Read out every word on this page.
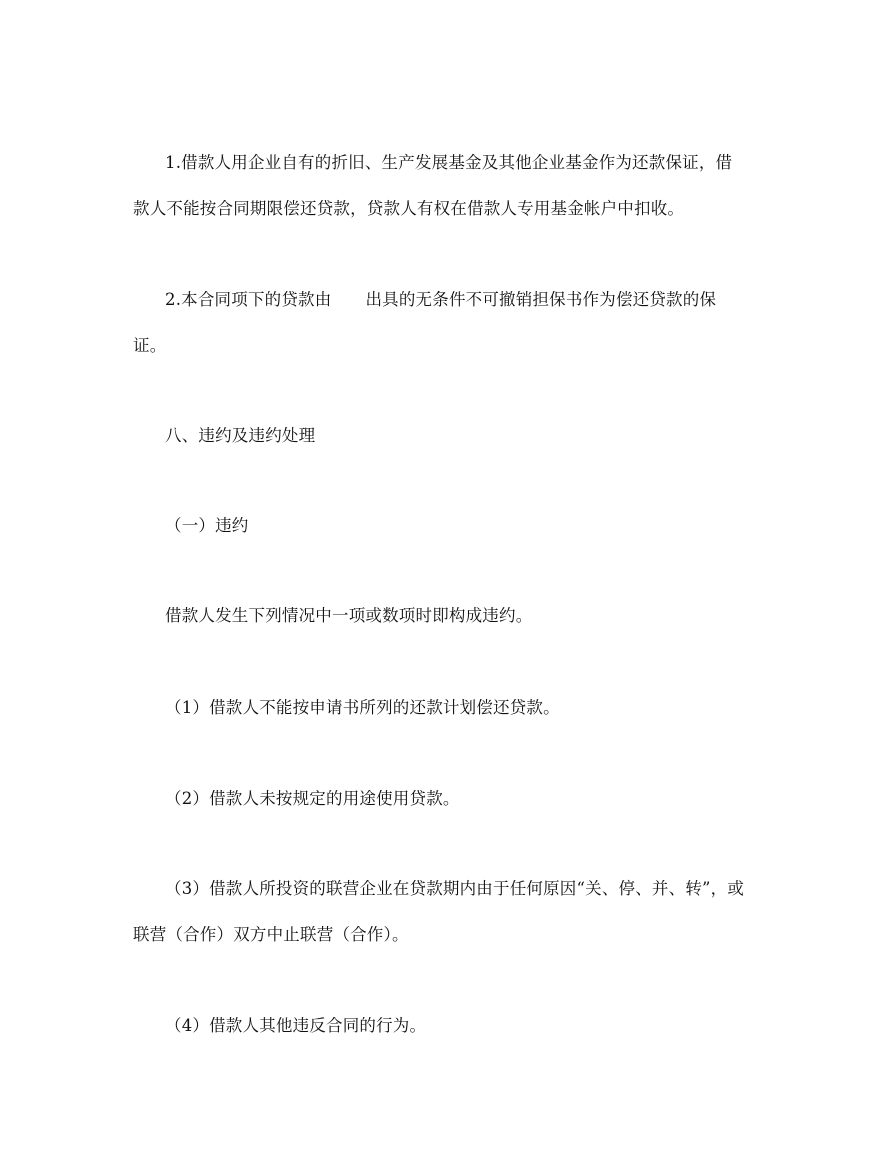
1.借款人用企业自有的折旧、生产发展基金及其他企业基金作为还款保证，借
款人不能按合同期限偿还贷款，贷款人有权在借款人专用基金帐户中扣收。
2.本合同项下的贷款由 出具的无条件不可撤销担保书作为偿还贷款的保
证。
八、违约及违约处理
（一）违约
借款人发生下列情况中一项或数项时即构成违约。
（1）借款人不能按申请书所列的还款计划偿还贷款。
（2）借款人未按规定的用途使用贷款。
（3）借款人所投资的联营企业在贷款期内由于任何原因“关、停、并、转”，或
联营（合作）双方中止联营（合作）。
（4）借款人其他违反合同的行为。
